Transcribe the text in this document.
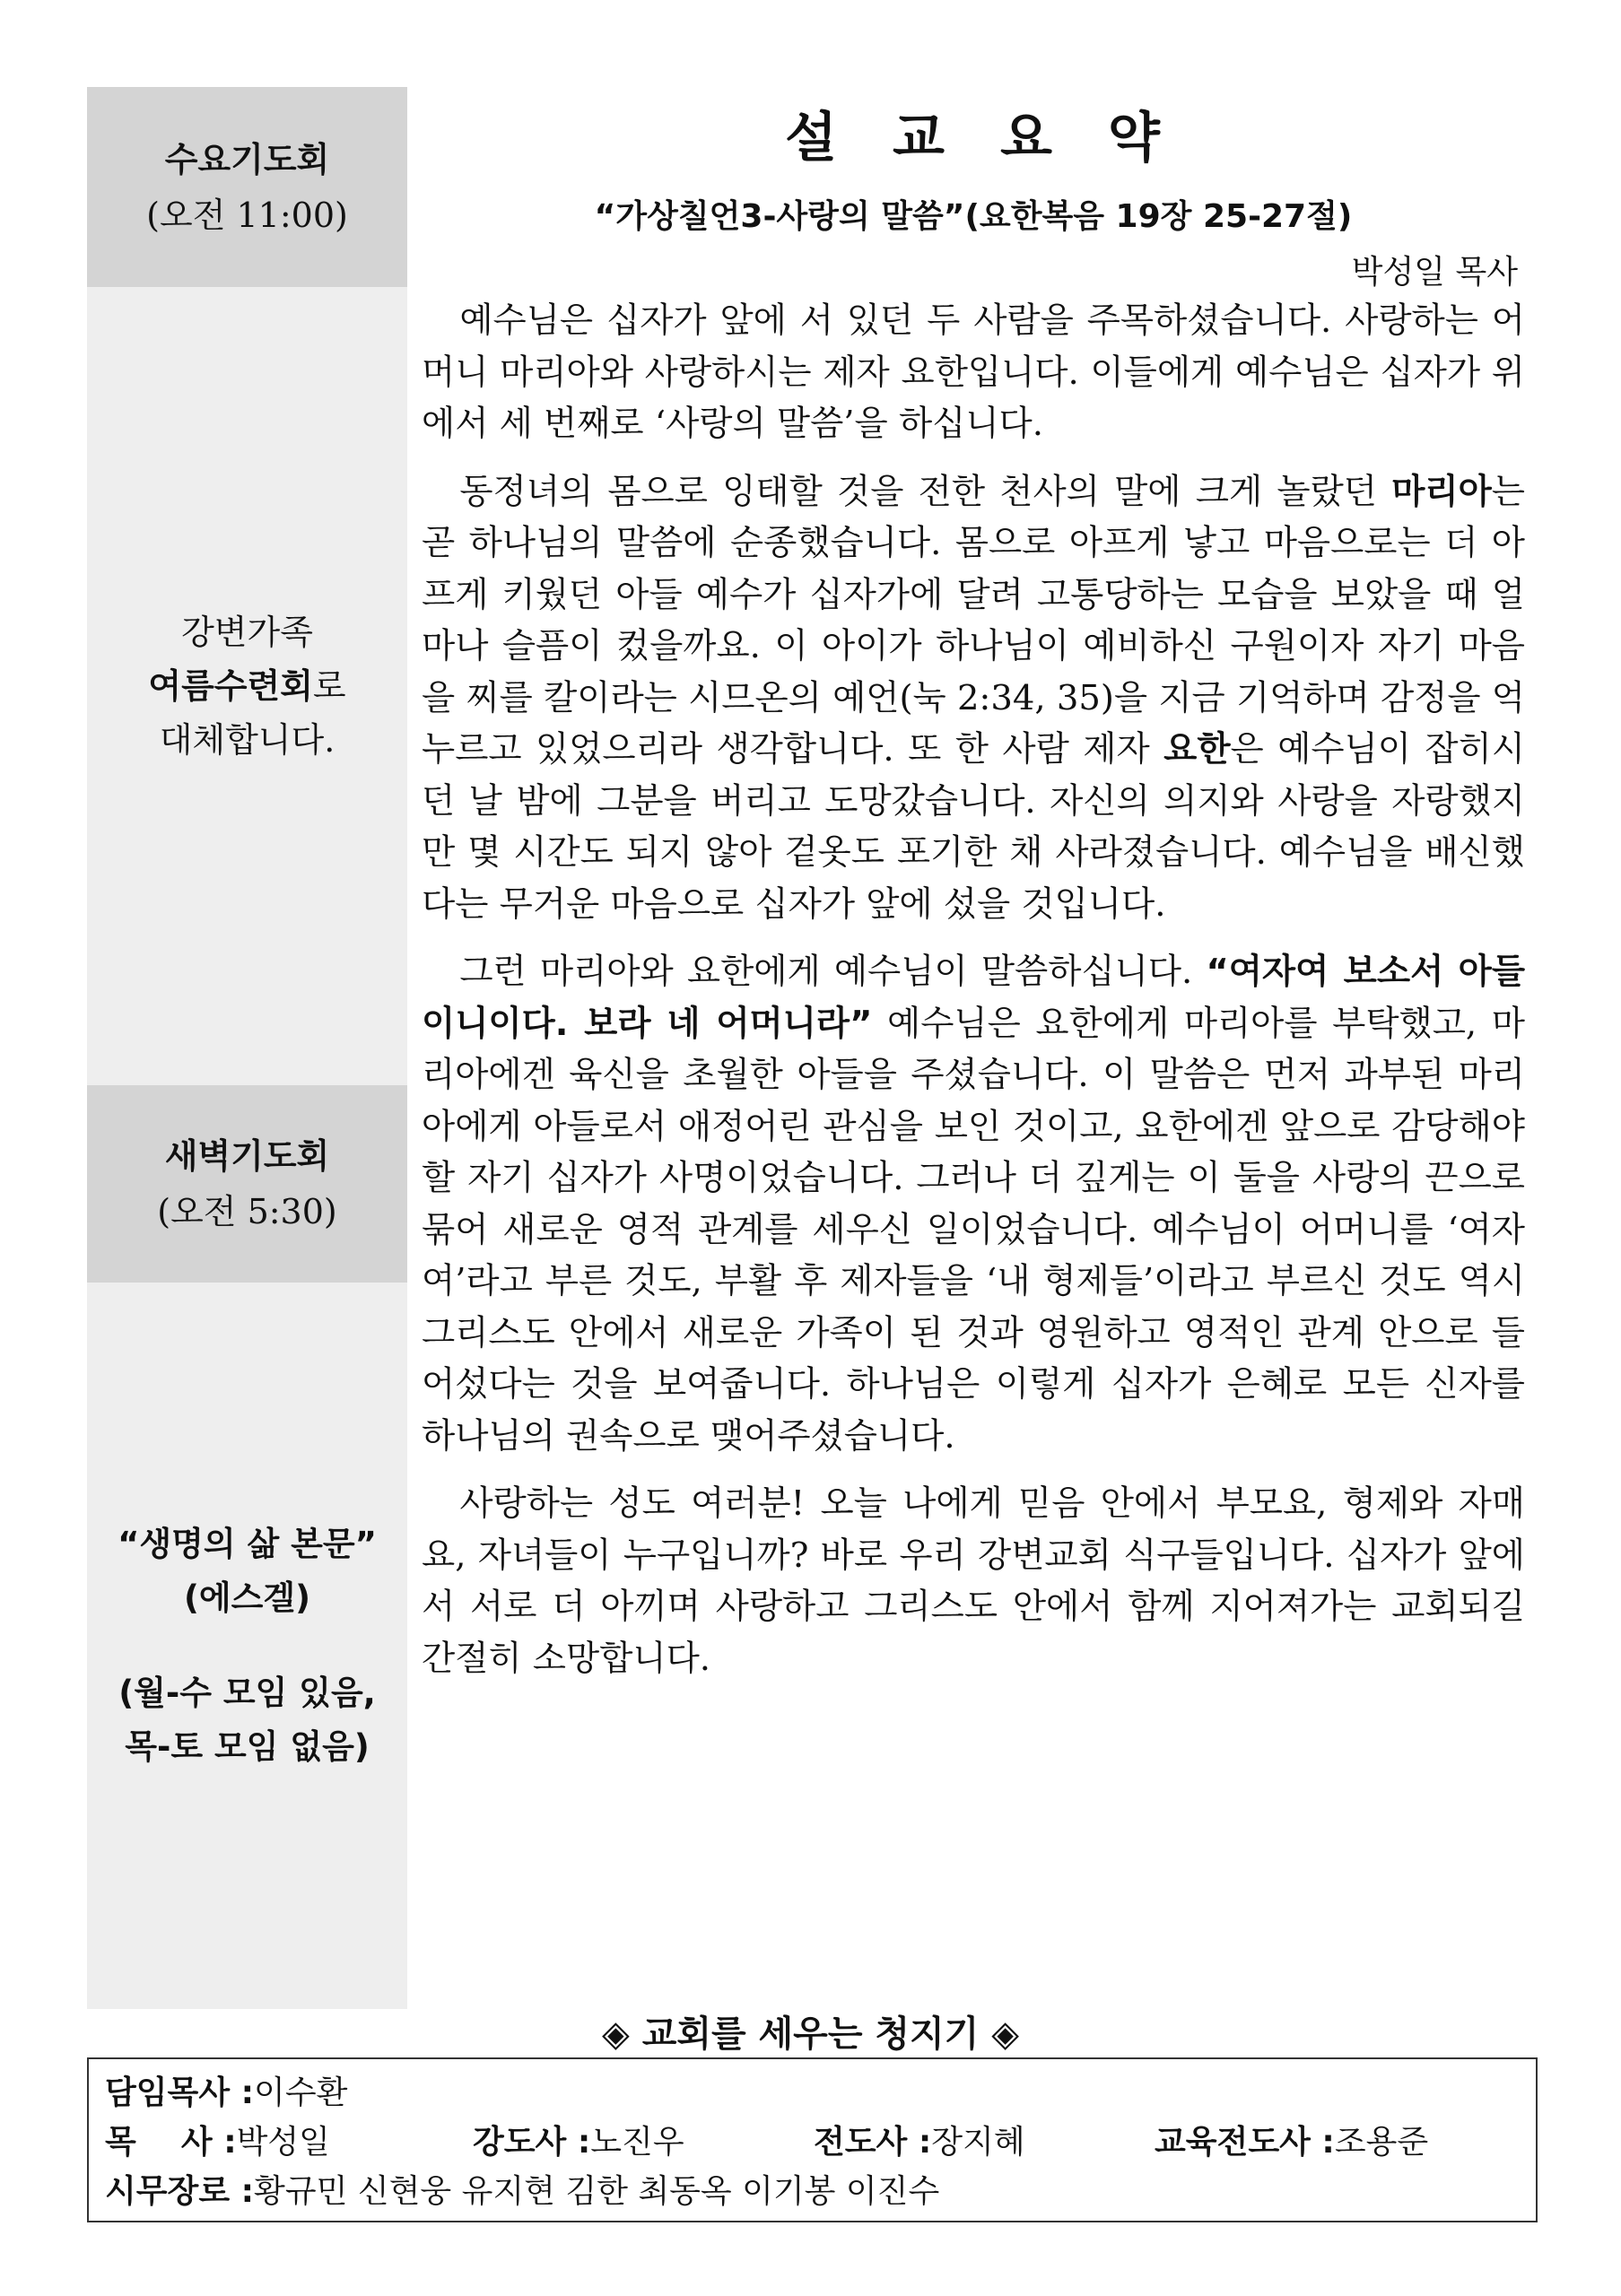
수요기도회
(오전 11:00)
강변가족
여름수련회로
대체합니다.
새벽기도회
(오전 5:30)
“생명의 삶 본문”
(에스겔)
(월-수 모임 있음,
목-토 모임 없음)
설교요약
“가상칠언3-사랑의 말씀”(요한복음 19장 25-27절)
박성일 목사

예수님은 십자가 앞에 서 있던 두 사람을 주목하셨습니다. 사랑하는 어머니 마리아와 사랑하시는 제자 요한입니다. 이들에게 예수님은 십자가 위에서 세 번째로 ‘사랑의 말씀’을 하십니다.

동정녀의 몸으로 잉태할 것을 전한 천사의 말에 크게 놀랐던 마리아는 곧 하나님의 말씀에 순종했습니다. 몸으로 아프게 낳고 마음으로는 더 아프게 키웠던 아들 예수가 십자가에 달려 고통당하는 모습을 보았을 때 얼마나 슬픔이 컸을까요. 이 아이가 하나님이 예비하신 구원이자 자기 마음을 찌를 칼이라는 시므온의 예언(눅 2:34, 35)을 지금 기억하며 감정을 억누르고 있었으리라 생각합니다. 또 한 사람 제자 요한은 예수님이 잡히시던 날 밤에 그분을 버리고 도망갔습니다. 자신의 의지와 사랑을 자랑했지만 몇 시간도 되지 않아 겉옷도 포기한 채 사라졌습니다. 예수님을 배신했다는 무거운 마음으로 십자가 앞에 섰을 것입니다.

그런 마리아와 요한에게 예수님이 말씀하십니다. “여자여 보소서 아들이니이다. 보라 네 어머니라” 예수님은 요한에게 마리아를 부탁했고, 마리아에겐 육신을 초월한 아들을 주셨습니다. 이 말씀은 먼저 과부된 마리아에게 아들로서 애정어린 관심을 보인 것이고, 요한에겐 앞으로 감당해야 할 자기 십자가 사명이었습니다. 그러나 더 깊게는 이 둘을 사랑의 끈으로 묶어 새로운 영적 관계를 세우신 일이었습니다. 예수님이 어머니를 ‘여자여’라고 부른 것도, 부활 후 제자들을 ‘내 형제들’이라고 부르신 것도 역시 그리스도 안에서 새로운 가족이 된 것과 영원하고 영적인 관계 안으로 들어섰다는 것을 보여줍니다. 하나님은 이렇게 십자가 은혜로 모든 신자를 하나님의 권속으로 맺어주셨습니다.

사랑하는 성도 여러분! 오늘 나에게 믿음 안에서 부모요, 형제와 자매요, 자녀들이 누구입니까? 바로 우리 강변교회 식구들입니다. 십자가 앞에서 서로 더 아끼며 사랑하고 그리스도 안에서 함께 지어져가는 교회되길 간절히 소망합니다.

◈ 교회를 세우는 청지기 ◈
담임목사 :이수환
목    사 :박성일	강도사 :노진우	전도사 :장지혜	교육전도사 :조용준
시무장로 :황규민 신현웅 유지현 김한 최동옥 이기봉 이진수
